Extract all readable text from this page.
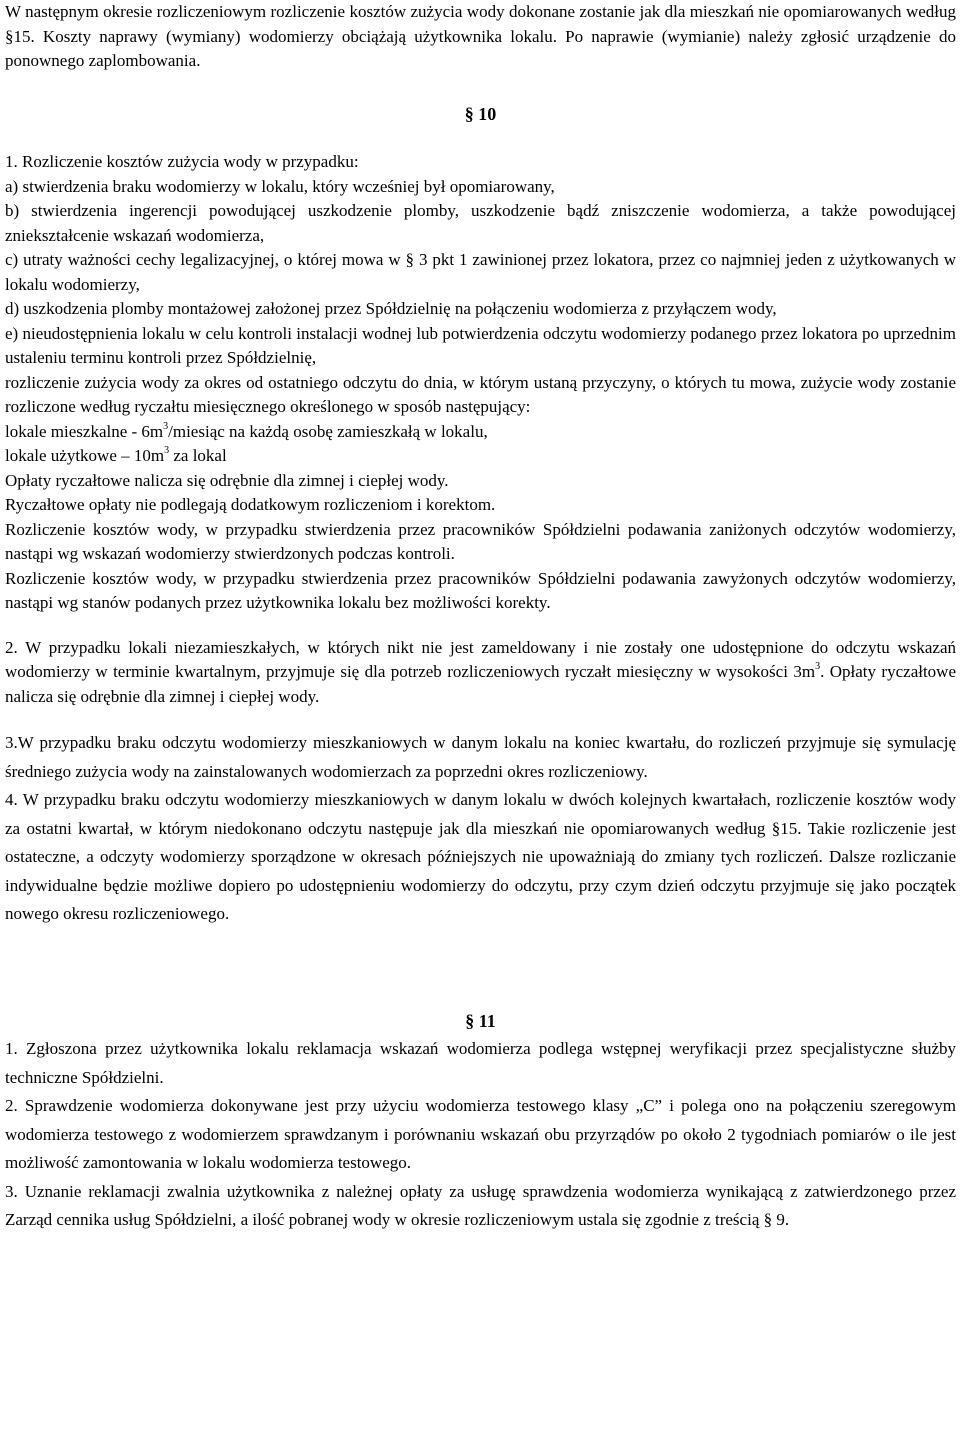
W następnym okresie rozliczeniowym rozliczenie kosztów zużycia wody dokonane zostanie jak dla mieszkań nie opomiarowanych według §15. Koszty naprawy (wymiany) wodomierzy obciążają użytkownika lokalu. Po naprawie (wymianie) należy zgłosić urządzenie do ponownego zaplombowania.

§ 10

1. Rozliczenie kosztów zużycia wody w przypadku:

a) stwierdzenia braku wodomierzy w lokalu, który wcześniej był opomiarowany,

b) stwierdzenia ingerencji powodującej uszkodzenie plomby, uszkodzenie bądź zniszczenie wodomierza, a także powodującej zniekształcenie wskazań wodomierza,

c) utraty ważności cechy legalizacyjnej, o której mowa w § 3 pkt 1 zawinionej przez lokatora, przez co najmniej jeden z użytkowanych w lokalu wodomierzy,

d) uszkodzenia plomby montażowej założonej przez Spółdzielnię na połączeniu wodomierza z przyłączem wody,

e) nieudostępnienia lokalu w celu kontroli instalacji wodnej lub potwierdzenia odczytu wodomierzy podanego przez lokatora po uprzednim ustaleniu terminu kontroli przez Spółdzielnię,

rozliczenie zużycia wody za okres od ostatniego odczytu do dnia, w którym ustaną przyczyny, o których tu mowa, zużycie wody zostanie rozliczone według ryczałtu miesięcznego określonego w sposób następujący:

lokale mieszkalne - $6m^3$/miesiąc na każdą osobę zamieszkałą w lokalu,

lokale użytkowe – $10m^3$ za lokal

Opłaty ryczałtowe nalicza się odrębnie dla zimnej i ciepłej wody.

Ryczałtowe opłaty nie podlegają dodatkowym rozliczeniom i korektom.

Rozliczenie kosztów wody, w przypadku stwierdzenia przez pracowników Spółdzielni podawania zaniżonych odczytów wodomierzy, nastąpi wg wskazań wodomierzy stwierdzonych podczas kontroli.

Rozliczenie kosztów wody, w przypadku stwierdzenia przez pracowników Spółdzielni podawania zawyżonych odczytów wodomierzy, nastąpi wg stanów podanych przez użytkownika lokalu bez możliwości korekty.

2. W przypadku lokali niezamieszkałych, w których nikt nie jest zameldowany i nie zostały one udostępnione do odczytu wskazań wodomierzy w terminie kwartalnym, przyjmuje się dla potrzeb rozliczeniowych ryczałt miesięczny w wysokości $3m^3$. Opłaty ryczałtowe nalicza się odrębnie dla zimnej i ciepłej wody.

3.W przypadku braku odczytu wodomierzy mieszkaniowych w danym lokalu na koniec kwartału, do rozliczeń przyjmuje się symulację średniego zużycia wody na zainstalowanych wodomierzach za poprzedni okres rozliczeniowy.

4. W przypadku braku odczytu wodomierzy mieszkaniowych w danym lokalu w dwóch kolejnych kwartałach, rozliczenie kosztów wody za ostatni kwartał, w którym niedokonano odczytu następuje jak dla mieszkań nie opomiarowanych według §15. Takie rozliczenie jest ostateczne, a odczyty wodomierzy sporządzone w okresach późniejszych nie upoważniają do zmiany tych rozliczeń. Dalsze rozliczanie indywidualne będzie możliwe dopiero po udostępnieniu wodomierzy do odczytu, przy czym dzień odczytu przyjmuje się jako początek nowego okresu rozliczeniowego.

§ 11

1. Zgłoszona przez użytkownika lokalu reklamacja wskazań wodomierza podlega wstępnej weryfikacji przez specjalistyczne służby techniczne Spółdzielni.

2. Sprawdzenie wodomierza dokonywane jest przy użyciu wodomierza testowego klasy „C” i polega ono na połączeniu szeregowym wodomierza testowego z wodomierzem sprawdzanym i porównaniu wskazań obu przyrządów po około 2 tygodniach pomiarów o ile jest możliwość zamontowania w lokalu wodomierza testowego.

3. Uznanie reklamacji zwalnia użytkownika z należnej opłaty za usługę sprawdzenia wodomierza wynikającą z zatwierdzonego przez Zarząd cennika usług Spółdzielni, a ilość pobranej wody w okresie rozliczeniowym ustala się zgodnie z treścią § 9.
